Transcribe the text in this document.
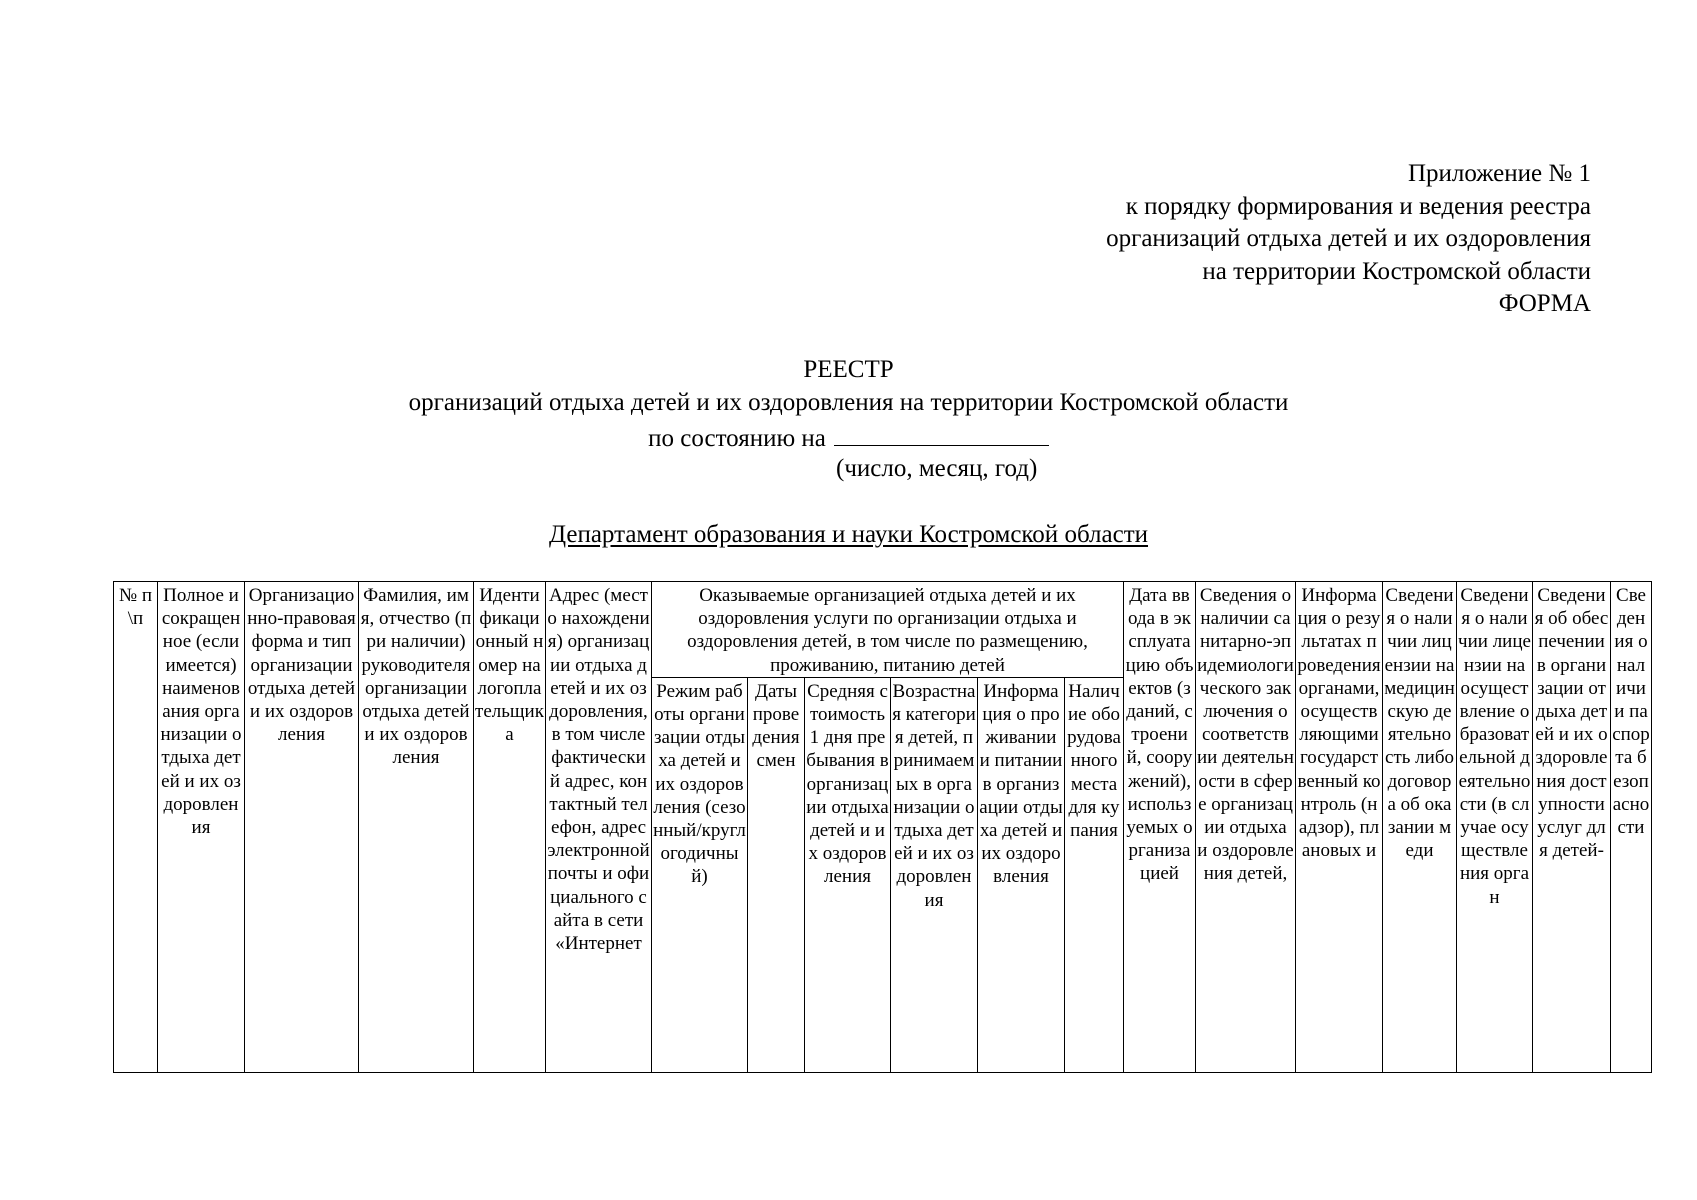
Приложение № 1
к порядку формирования и ведения реестра
организаций отдыха детей и их оздоровления
на территории Костромской области
ФОРМА
РЕЕСТР
организаций отдыха детей и их оздоровления на территории Костромской области
по состоянию на
(число, месяц, год)
Департамент образования и науки Костромской области
№ п\п	Полное и сокращенное (если имеется) наименования организации отдыха детей и их оздоровления	Организационно-правовая форма и тип организации отдыха детей и их оздоровления	Фамилия, имя, отчество (при наличии) руководителя организации отдыха детей и их оздоровления	Идентификационный номер налогоплательщика	Адрес (место нахождения) организации отдыха детей и их оздоровления, в том числе фактический адрес, контактный телефон, адрес электронной почты и официального сайта в сети «Интернет	Оказываемые организацией отдыха детей и их оздоровления услуги по организации отдыха и оздоровления детей, в том числе по размещению, проживанию, питанию детей						Дата ввода в эксплуатацию объектов (зданий, строений, сооружений), используемых организацией	Сведения о наличии санитарно-эпидемиологического заключения о соответствии деятельности в сфере организации отдыха и оздоровления детей,	Информация о результатах проведения органами, осуществляющими государственный контроль (надзор), плановых и	Сведения о наличии лицензии на медицинскую деятельность либо договора об оказании меди	Сведения о наличии лицензии на осуществление образовательной деятельности (в случае осуществления орган	Сведения об обеспечении в организации отдыха детей и их оздоровления доступности услуг для детей-	Сведения о наличии паспорта безопасности

						Режим работы организации отдыха детей и их оздоровления (сезонный/круглогодичный)	Даты проведения смен	Средняя стоимость 1 дня пребывания в организации отдыха детей и их оздоровления	Возрастная категория детей, принимаемых в организации отдыха детей и их оздоровления	Информация о проживании и питании в организации отдыха детей и их оздоровления	Наличие оборудованного места для купания							
